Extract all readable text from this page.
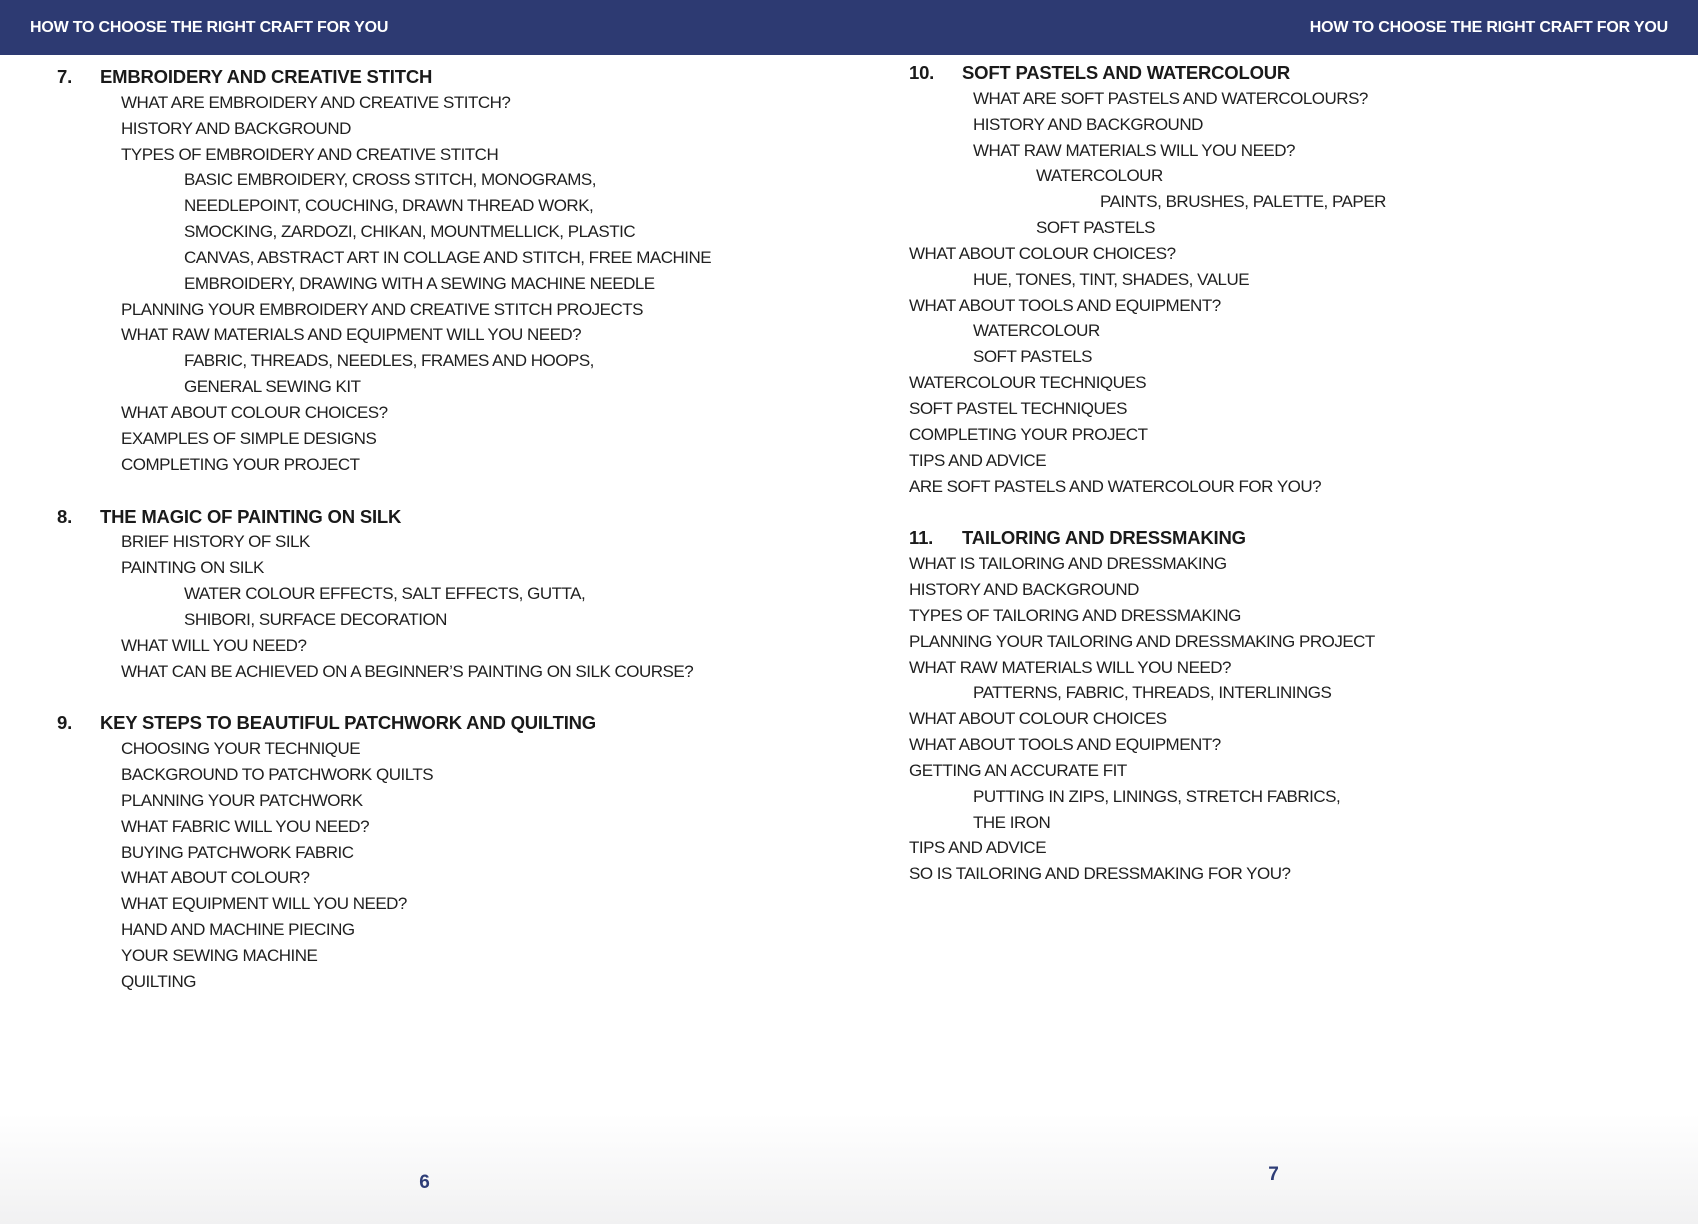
HOW TO CHOOSE THE RIGHT CRAFT FOR YOU	HOW TO CHOOSE THE RIGHT CRAFT FOR YOU
7.	EMBROIDERY AND CREATIVE STITCH
WHAT ARE EMBROIDERY AND CREATIVE STITCH?
HISTORY AND BACKGROUND
TYPES OF EMBROIDERY AND CREATIVE STITCH
BASIC EMBROIDERY, CROSS STITCH, MONOGRAMS,
NEEDLEPOINT, COUCHING, DRAWN THREAD WORK,
SMOCKING, ZARDOZI, CHIKAN, MOUNTMELLICK, PLASTIC
CANVAS, ABSTRACT ART IN COLLAGE AND STITCH, FREE MACHINE
EMBROIDERY, DRAWING WITH A SEWING MACHINE NEEDLE
PLANNING YOUR EMBROIDERY AND CREATIVE STITCH PROJECTS
WHAT RAW MATERIALS AND EQUIPMENT WILL YOU NEED?
FABRIC, THREADS, NEEDLES, FRAMES AND HOOPS,
GENERAL SEWING KIT
WHAT ABOUT COLOUR CHOICES?
EXAMPLES OF SIMPLE DESIGNS
COMPLETING YOUR PROJECT
8.	THE MAGIC OF PAINTING ON SILK
BRIEF HISTORY OF SILK
PAINTING ON SILK
WATER COLOUR EFFECTS, SALT EFFECTS, GUTTA,
SHIBORI, SURFACE DECORATION
WHAT WILL YOU NEED?
WHAT CAN BE ACHIEVED ON A BEGINNER’S PAINTING ON SILK COURSE?
9.	KEY STEPS TO BEAUTIFUL PATCHWORK AND QUILTING
CHOOSING YOUR TECHNIQUE
BACKGROUND TO PATCHWORK QUILTS
PLANNING YOUR PATCHWORK
WHAT FABRIC WILL YOU NEED?
BUYING PATCHWORK FABRIC
WHAT ABOUT COLOUR?
WHAT EQUIPMENT WILL YOU NEED?
HAND AND MACHINE PIECING
YOUR SEWING MACHINE
QUILTING
6
10.	SOFT PASTELS AND WATERCOLOUR
WHAT ARE SOFT PASTELS AND WATERCOLOURS?
HISTORY AND BACKGROUND
WHAT RAW MATERIALS WILL YOU NEED?
WATERCOLOUR
PAINTS, BRUSHES, PALETTE, PAPER
SOFT PASTELS
WHAT ABOUT COLOUR CHOICES?
HUE, TONES, TINT, SHADES, VALUE
WHAT ABOUT TOOLS AND EQUIPMENT?
WATERCOLOUR
SOFT PASTELS
WATERCOLOUR TECHNIQUES
SOFT PASTEL TECHNIQUES
COMPLETING YOUR PROJECT
TIPS AND ADVICE
ARE SOFT PASTELS AND WATERCOLOUR FOR YOU?
11.	TAILORING AND DRESSMAKING
WHAT IS TAILORING AND DRESSMAKING
HISTORY AND BACKGROUND
TYPES OF TAILORING AND DRESSMAKING
PLANNING YOUR TAILORING AND DRESSMAKING PROJECT
WHAT RAW MATERIALS WILL YOU NEED?
PATTERNS, FABRIC, THREADS, INTERLININGS
WHAT ABOUT COLOUR CHOICES
WHAT ABOUT TOOLS AND EQUIPMENT?
GETTING AN ACCURATE FIT
PUTTING IN ZIPS, LININGS, STRETCH FABRICS,
THE IRON
TIPS AND ADVICE
SO IS TAILORING AND DRESSMAKING FOR YOU?
7
